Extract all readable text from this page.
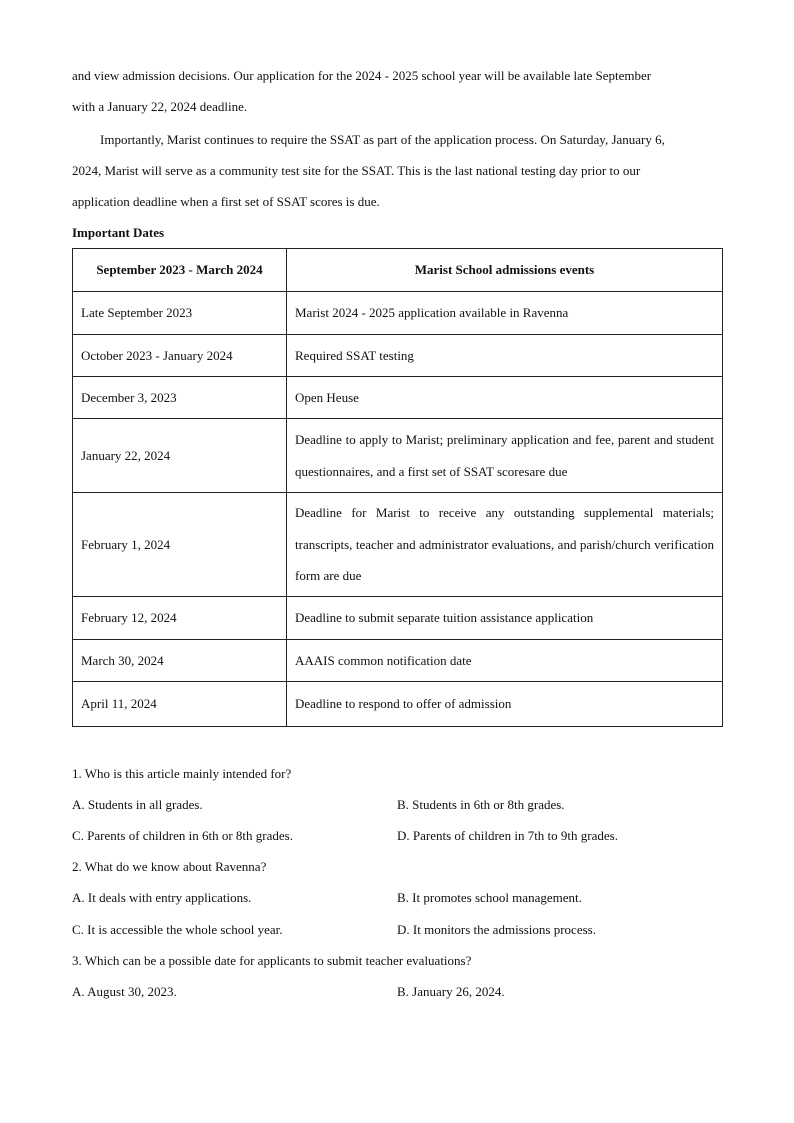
and view admission decisions. Our application for the 2024 - 2025 school year will be available late September
with a January 22, 2024 deadline.
Importantly, Marist continues to require the SSAT as part of the application process. On Saturday, January 6,
2024, Marist will serve as a community test site for the SSAT. This is the last national testing day prior to our
application deadline when a first set of SSAT scores is due.
Important Dates
September 2023 - March 2024	Marist School admissions events
Late September 2023	Marist 2024 - 2025 application available in Ravenna
October 2023 - January 2024	Required SSAT testing
December 3, 2023	Open Heuse
January 22, 2024	Deadline to apply to Marist; preliminary application and fee, parent and student questionnaires, and a first set of SSAT scoresare due
February 1, 2024	Deadline for Marist to receive any outstanding supplemental materials; transcripts, teacher and administrator evaluations, and parish/church verification form are due
February 12, 2024	Deadline to submit separate tuition assistance application
March 30, 2024	AAAIS common notification date
April 11, 2024	Deadline to respond to offer of admission
1. Who is this article mainly intended for?
A. Students in all grades.	B. Students in 6th or 8th grades.
C. Parents of children in 6th or 8th grades.	D. Parents of children in 7th to 9th grades.
2. What do we know about Ravenna?
A. It deals with entry applications.	B. It promotes school management.
C. It is accessible the whole school year.	D. It monitors the admissions process.
3. Which can be a possible date for applicants to submit teacher evaluations?
A. August 30, 2023.	B. January 26, 2024.
